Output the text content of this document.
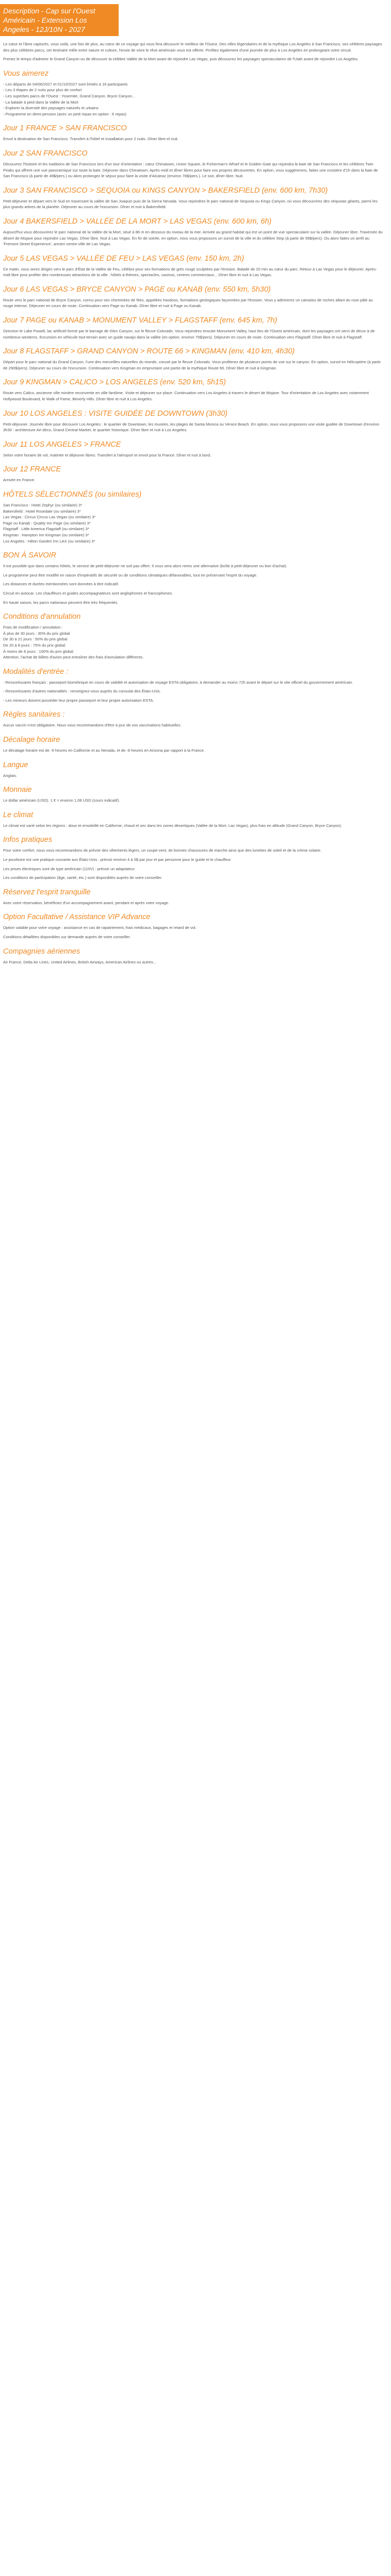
Description - Cap sur l'Ouest Américain - Extension Los Angeles - 12J/10N - 2027

Le cœur et l'âme capturés, vous voilà, une fois de plus, au cœur de ce voyage qui vous fera découvrir le meilleur de l'Ouest. Des villes légendaires et de la mythique Los Angeles à San Francisco, ses célèbres paysages des plus célèbres parcs, cet itinéraire mêle entre nature et culture, l'envie de vivre le rêve américain vous est offerte. Profitez également d'une journée de plus à Los Angeles en prolongeant votre circuit.

Prenez le temps d'admirer le Grand Canyon ou de découvrir la célèbre Vallée de la Mort avant de rejoindre Las Vegas, puis découvrez les paysages spectaculaires de l'Utah avant de rejoindre Los Angeles.

Vous aimerez

- Les départs de 04/06/2027 et 01/10/2027 sont limités à 16 participants

- Les 3 étapes de 2 nuits pour plus de confort

- Les superbes parcs de l'Ouest : Yosemite, Grand Canyon, Bryce Canyon...

- La balade à pied dans la Vallée de la Mort

- Explorer la diversité des paysages naturels et urbains

- Programme en demi-pension (avec un petit repas en option : 6 repas)

Jour 1 FRANCE > SAN FRANCISCO

Envol à destination de San Francisco. Transfert à l'hôtel et installation pour 2 nuits. Dîner libre et nuit.

Jour 2 SAN FRANCISCO

Découvrez l'histoire et les traditions de San Francisco lors d'un tour d'orientation : cœur Chinatown, Union Square, le Fisherman's Wharf et le Golden Gate qui rejoindra la baie de San Francisco et les célèbres Twin Peaks qui offrent une vue panoramique sur toute la baie. Déjeuner dans Chinatown. Après-midi et dîner libres pour faire vos propres découvertes. En option, vous suggérerons, faites une croisière d'1h dans la baie de San Francisco (à partir de 49$/pers.) ou alors prolongez le séjour pour faire la visite d'Alcatraz (environ 78$/pers.). Le soir, dîner libre. Nuit.

Jour 3 SAN FRANCISCO > SEQUOIA ou KINGS CANYON > BAKERSFIELD (env. 600 km, 7h30)

Petit-déjeuner et départ vers le Sud en traversant la vallée de San Joaquin puis de la Sierra Nevada. Vous rejoindrez le parc national de Sequoia ou Kings Canyon, où vous découvrirez des séquoias géants, parmi les plus grands arbres de la planète. Déjeuner au cours de l'excursion. Dîner et nuit à Bakersfield.

Jour 4 BAKERSFIELD > VALLÉE DE LA MORT > LAS VEGAS (env. 600 km, 6h)

Aujourd'hui vous découvrirez le parc national de la Vallée de la Mort, situé à 86 m en dessous du niveau de la mer. Arrivée au grand habitat qui est un point de vue spectaculaire sur la vallée. Déjeuner libre. Traversée du désert de Mojave pour rejoindre Las Vegas. Dîner libre. Nuit à Las Vegas. En fin de soirée, en option, nous vous proposons un survol de la ville et du célèbre Strip (à partir de 99$/pers). Ou alors faites un arrêt au 'Fremont Street Experience', ancien centre-ville de Las Vegas.

Jour 5 LAS VEGAS > VALLÉE DE FEU > LAS VEGAS (env. 150 km, 2h)

Ce matin, vous serez dirigés vers le parc d'État de la Vallée de Feu, célèbre pour ses formations de grès rouge sculptées par l'érosion. Balade de 20 min au cœur du parc. Retour à Las Vegas pour le déjeuner. Après-midi libre pour profiter des nombreuses attractions de la ville : hôtels à thèmes, spectacles, casinos, centres commerciaux... Dîner libre et nuit à Las Vegas.

Jour 6 LAS VEGAS > BRYCE CANYON > PAGE ou KANAB (env. 550 km, 5h30)

Route vers le parc national de Bryce Canyon, connu pour ses cheminées de fées, appelées hoodoos, formations géologiques façonnées par l'érosion. Vous y admirerez un camaïeu de roches allant du rose pâle au rouge intense. Déjeuner en cours de route. Continuation vers Page ou Kanab. Dîner libre et nuit à Page ou Kanab.

Jour 7 PAGE ou KANAB > MONUMENT VALLEY > FLAGSTAFF (env. 645 km, 7h)

Direction le Lake Powell, lac artificiel formé par le barrage de Glen Canyon, sur le fleuve Colorado. Vous rejoindrez ensuite Monument Valley, haut lieu de l'Ouest américain, dont les paysages ont servi de décor à de nombreux westerns. Excursion en véhicule tout-terrain avec un guide navajo dans la vallée (en option, environ 75$/pers). Déjeuner en cours de route. Continuation vers Flagstaff. Dîner libre et nuit à Flagstaff.

Jour 8 FLAGSTAFF > GRAND CANYON > ROUTE 66 > KINGMAN (env. 410 km, 4h30)

Départ pour le parc national du Grand Canyon, l'une des merveilles naturelles du monde, creusé par le fleuve Colorado. Vous profiterez de plusieurs points de vue sur le canyon. En option, survol en hélicoptère (à partir de 290$/pers). Déjeuner au cours de l'excursion. Continuation vers Kingman en empruntant une partie de la mythique Route 66. Dîner libre et nuit à Kingman.

Jour 9 KINGMAN > CALICO > LOS ANGELES (env. 520 km, 5h15)

Route vers Calico, ancienne ville minière reconvertie en ville fantôme. Visite et déjeuner sur place. Continuation vers Los Angeles à travers le désert de Mojave. Tour d'orientation de Los Angeles avec notamment Hollywood Boulevard, le Walk of Fame, Beverly Hills. Dîner libre et nuit à Los Angeles.

Jour 10 LOS ANGELES : VISITE GUIDÉE DE DOWNTOWN (3h30)

Petit-déjeuner. Journée libre pour découvrir Los Angeles : le quartier de Downtown, les musées, les plages de Santa Monica ou Venice Beach. En option, nous vous proposons une visite guidée de Downtown d'environ 3h30 : architecture Art déco, Grand Central Market, le quartier historique. Dîner libre et nuit à Los Angeles.

Jour 11 LOS ANGELES > FRANCE

Selon votre horaire de vol, matinée et déjeuner libres. Transfert à l'aéroport et envol pour la France. Dîner et nuit à bord.

Jour 12 FRANCE

Arrivée en France.

HÔTELS SÉLECTIONNÉS (ou similaires)

San Francisco : Hotel Zephyr (ou similaire) 3*

Bakersfield : Hotel Rosedale (ou similaire) 3*

Las Vegas : Circus Circus Las Vegas (ou similaire) 3*

Page ou Kanab : Quality Inn Page (ou similaire) 3*

Flagstaff : Little America Flagstaff (ou similaire) 3*

Kingman : Hampton Inn Kingman (ou similaire) 3*

Los Angeles : Hilton Garden Inn LAX (ou similaire) 3*

BON À SAVOIR

Il est possible que dans certains hôtels, le service de petit-déjeuner ne soit pas offert. Il vous sera alors remis une alternative (boîte à petit-déjeuner ou bon d'achat).

Le programme peut être modifié en raison d'impératifs de sécurité ou de conditions climatiques défavorables, tout en préservant l'esprit du voyage.

Les distances et durées mentionnées sont données à titre indicatif.

Circuit en autocar. Les chauffeurs et guides accompagnateurs sont anglophones et francophones.

En haute saison, les parcs nationaux peuvent être très fréquentés.

Conditions d'annulation

Frais de modification / annulation :

À plus de 30 jours : 30% du prix global

De 30 à 21 jours : 50% du prix global

De 20 à 8 jours : 75% du prix global

À moins de 8 jours : 100% du prix global

Attention, l'achat de billets d'avion peut entraîner des frais d'annulation différents.

Modalités d'entrée :

- Ressortissants français : passeport biométrique en cours de validité et autorisation de voyage ESTA obligatoire, à demander au moins 72h avant le départ sur le site officiel du gouvernement américain.

- Ressortissants d'autres nationalités : renseignez-vous auprès du consulat des États-Unis.

- Les mineurs doivent posséder leur propre passeport et leur propre autorisation ESTA.

Règles sanitaires :

Aucun vaccin n'est obligatoire. Nous vous recommandons d'être à jour de vos vaccinations habituelles.

Décalage horaire

Le décalage horaire est de -9 heures en Californie et au Nevada, et de -8 heures en Arizona par rapport à la France.

Langue

Anglais.

Monnaie

Le dollar américain (USD). 1 € = environ 1,08 USD (cours indicatif).

Le climat

Le climat est varié selon les régions : doux et ensoleillé en Californie, chaud et sec dans les zones désertiques (Vallée de la Mort, Las Vegas), plus frais en altitude (Grand Canyon, Bryce Canyon).

Infos pratiques

Pour votre confort, nous vous recommandons de prévoir des vêtements légers, un coupe-vent, de bonnes chaussures de marche ainsi que des lunettes de soleil et de la crème solaire.

Le pourboire est une pratique courante aux États-Unis : prévoir environ 4 à 5$ par jour et par personne pour le guide et le chauffeur.

Les prises électriques sont de type américain (110V) : prévoir un adaptateur.

Les conditions de participation (âge, santé, etc.) sont disponibles auprès de votre conseiller.

Réservez l'esprit tranquille

Avec votre réservation, bénéficiez d'un accompagnement avant, pendant et après votre voyage.

Option Facultative / Assistance VIP Advance

Option valable pour votre voyage : assistance en cas de rapatriement, frais médicaux, bagages et retard de vol.

Conditions détaillées disponibles sur demande auprès de votre conseiller.

Compagnies aériennes

Air France, Delta Air Lines, United Airlines, British Airways, American Airlines ou autres...
